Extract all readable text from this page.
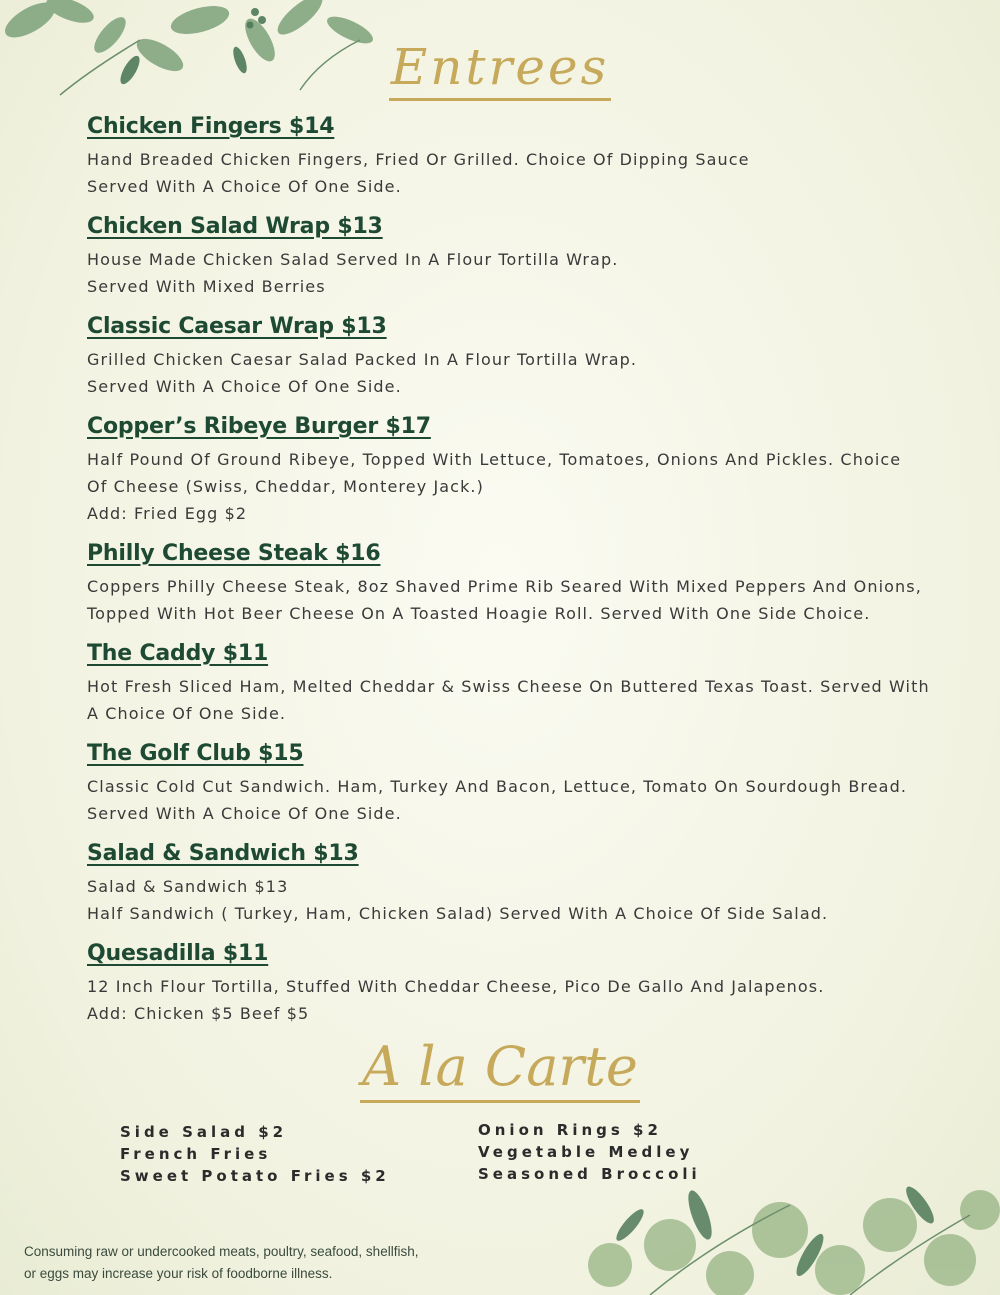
Entrees
Chicken Fingers $14
Hand Breaded Chicken Fingers, Fried Or Grilled. Choice Of Dipping Sauce
Served With A Choice Of One Side.
Chicken Salad Wrap $13
House Made Chicken Salad Served In A Flour Tortilla Wrap.
Served With Mixed Berries
Classic Caesar Wrap $13
Grilled Chicken Caesar Salad Packed In A Flour Tortilla Wrap.
Served With A Choice Of One Side.
Copper’s Ribeye Burger $17
Half Pound Of Ground Ribeye, Topped With Lettuce, Tomatoes, Onions And Pickles. Choice
Of Cheese (Swiss, Cheddar, Monterey Jack.)
Add: Fried Egg $2
Philly Cheese Steak $16
Coppers Philly Cheese Steak, 8oz Shaved Prime Rib Seared With Mixed Peppers And Onions,
Topped With Hot Beer Cheese On A Toasted Hoagie Roll. Served With One Side Choice.
The Caddy $11
Hot Fresh Sliced Ham, Melted Cheddar & Swiss Cheese On Buttered Texas Toast. Served With
A Choice Of One Side.
The Golf Club $15
Classic Cold Cut Sandwich. Ham, Turkey And Bacon, Lettuce, Tomato On Sourdough Bread.
Served With A Choice Of One Side.
Salad & Sandwich $13
Salad & Sandwich $13
Half Sandwich ( Turkey, Ham, Chicken Salad) Served With A Choice Of Side Salad.
Quesadilla $11
12 Inch Flour Tortilla, Stuffed With Cheddar Cheese, Pico De Gallo And Jalapenos.
Add: Chicken $5 Beef $5
A la Carte
Side Salad $2
French Fries
Sweet Potato Fries $2
Onion Rings $2
Vegetable Medley
Seasoned Broccoli
Consuming raw or undercooked meats, poultry, seafood, shellfish,
or eggs may increase your risk of foodborne illness.
